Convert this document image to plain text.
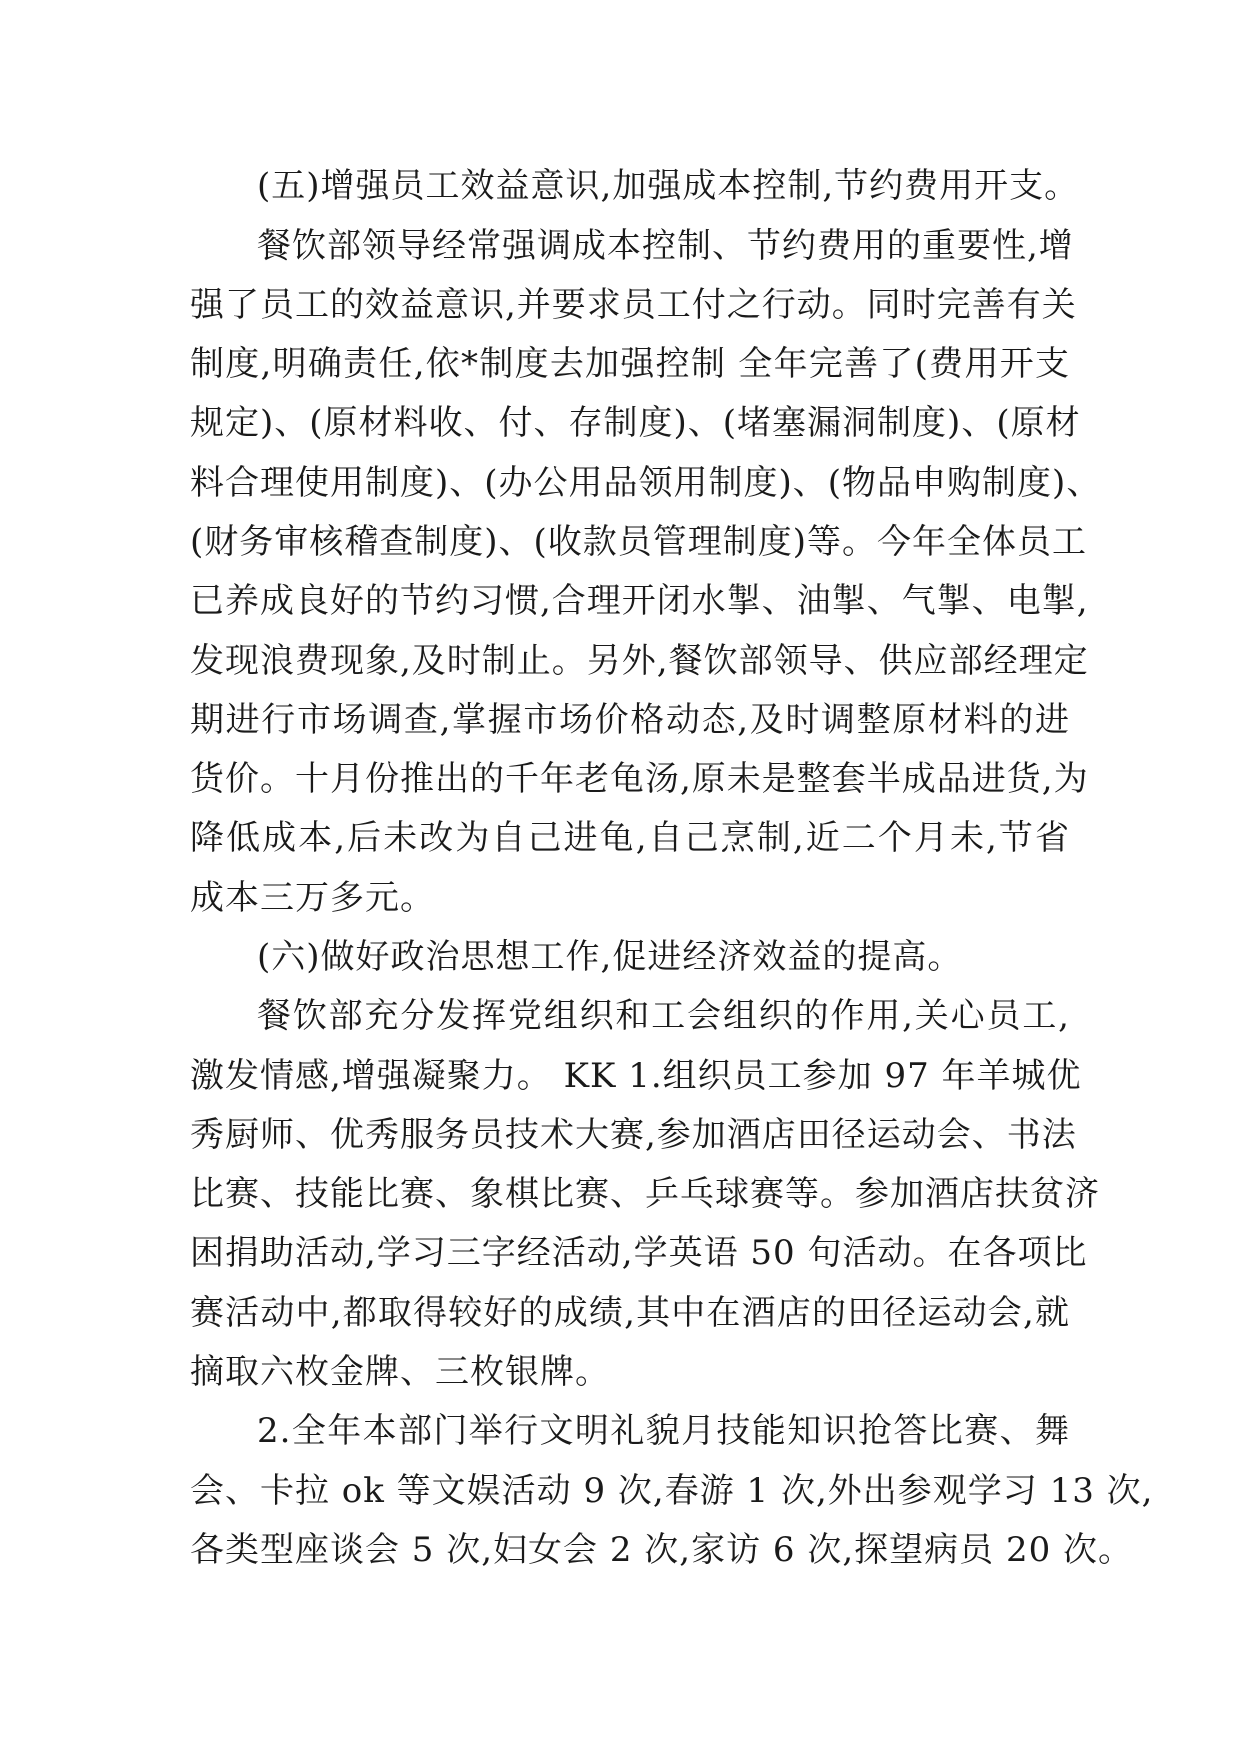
(五)增强员工效益意识,加强成本控制,节约费用开支。
餐饮部领导经常强调成本控制、节约费用的重要性,增
强了员工的效益意识,并要求员工付之行动。同时完善有关
制度,明确责任,依*制度去加强控制 全年完善了(费用开支
规定)、(原材料收、付、存制度)、(堵塞漏洞制度)、(原材
料合理使用制度)、(办公用品领用制度)、(物品申购制度)、
(财务审核稽查制度)、(收款员管理制度)等。今年全体员工
已养成良好的节约习惯,合理开闭水掣、油掣、气掣、电掣,
发现浪费现象,及时制止。另外,餐饮部领导、供应部经理定
期进行市场调查,掌握市场价格动态,及时调整原材料的进
货价。十月份推出的千年老龟汤,原未是整套半成品进货,为
降低成本,后未改为自己进龟,自己烹制,近二个月未,节省
成本三万多元。
(六)做好政治思想工作,促进经济效益的提高。
餐饮部充分发挥党组织和工会组织的作用,关心员工,
激发情感,增强凝聚力。 KK 1.组织员工参加 97 年羊城优
秀厨师、优秀服务员技术大赛,参加酒店田径运动会、书法
比赛、技能比赛、象棋比赛、乒乓球赛等。参加酒店扶贫济
困捐助活动,学习三字经活动,学英语 50 句活动。在各项比
赛活动中,都取得较好的成绩,其中在酒店的田径运动会,就
摘取六枚金牌、三枚银牌。
2.全年本部门举行文明礼貌月技能知识抢答比赛、舞
会、卡拉 ok 等文娱活动 9 次,春游 1 次,外出参观学习 13 次,
各类型座谈会 5 次,妇女会 2 次,家访 6 次,探望病员 20 次。
